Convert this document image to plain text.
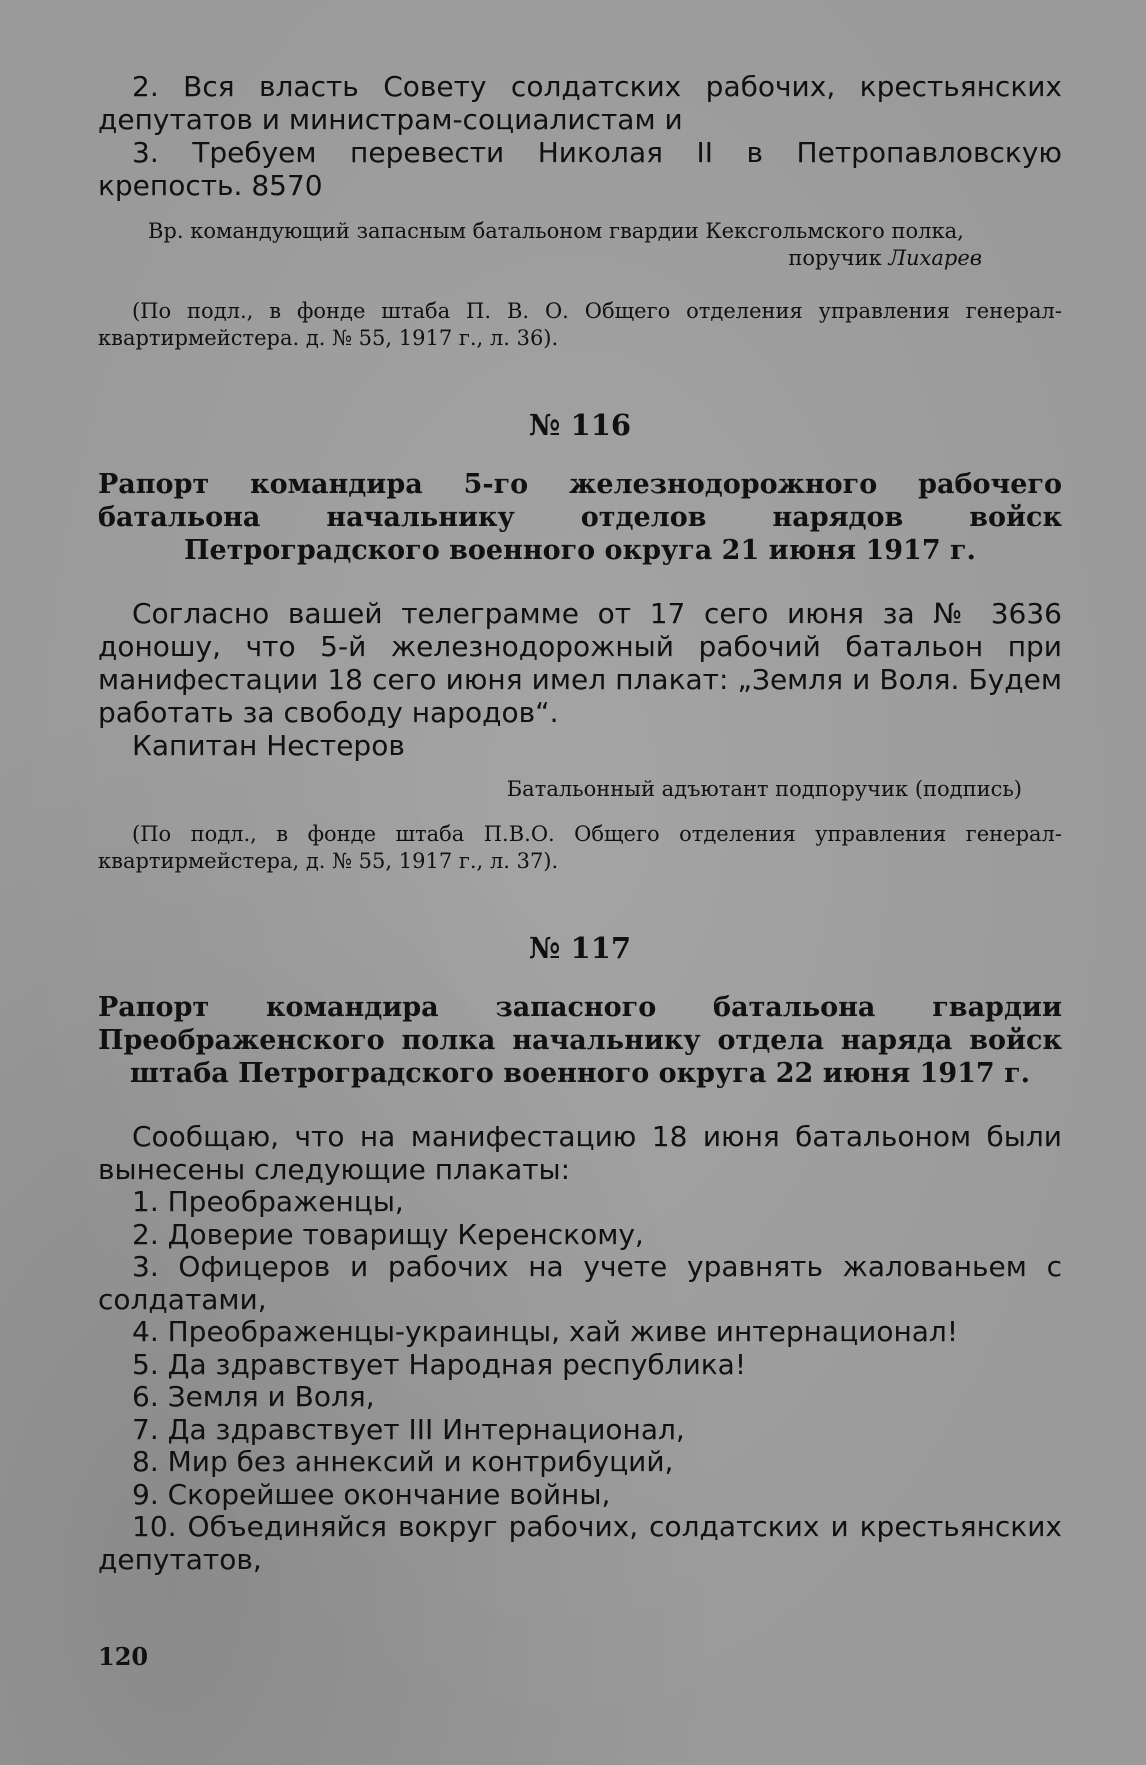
2. Вся власть Совету солдатских рабочих, крестьянских депутатов и министрам-социалистам и

3. Требуем перевести Николая II в Петропавловскую крепость. 8570

Вр. командующий запасным батальоном гвардии Кексгольмского полка,
поручик Лихарев

(По подл., в фонде штаба П. В. О. Общего отделения управления генерал-квартирмейстера. д. № 55, 1917 г., л. 36).

№ 116

Рапорт командира 5-го железнодорожного рабочего батальона начальнику отделов нарядов войск Петроградского военного округа 21 июня 1917 г.

Согласно вашей телеграмме от 17 сего июня за № 3636 доношу, что 5-й железнодорожный рабочий батальон при манифестации 18 сего июня имел плакат: „Земля и Воля. Будем работать за свободу народов“.

Капитан Нестеров

Батальонный адъютант подпоручик (подпись)

(По подл., в фонде штаба П.В.О. Общего отделения управления генерал-квартирмейстера, д. № 55, 1917 г., л. 37).

№ 117

Рапорт командира запасного батальона гвардии Преображенского полка начальнику отдела наряда войск штаба Петроградского военного округа 22 июня 1917 г.

Сообщаю, что на манифестацию 18 июня батальоном были вынесены следующие плакаты:

1. Преображенцы,
2. Доверие товарищу Керенскому,
3. Офицеров и рабочих на учете уравнять жалованьем с солдатами,
4. Преображенцы-украинцы, хай живе интернационал!
5. Да здравствует Народная республика!
6. Земля и Воля,
7. Да здравствует III Интернационал,
8. Мир без аннексий и контрибуций,
9. Скорейшее окончание войны,
10. Объединяйся вокруг рабочих, солдатских и крестьянских депутатов,
120
